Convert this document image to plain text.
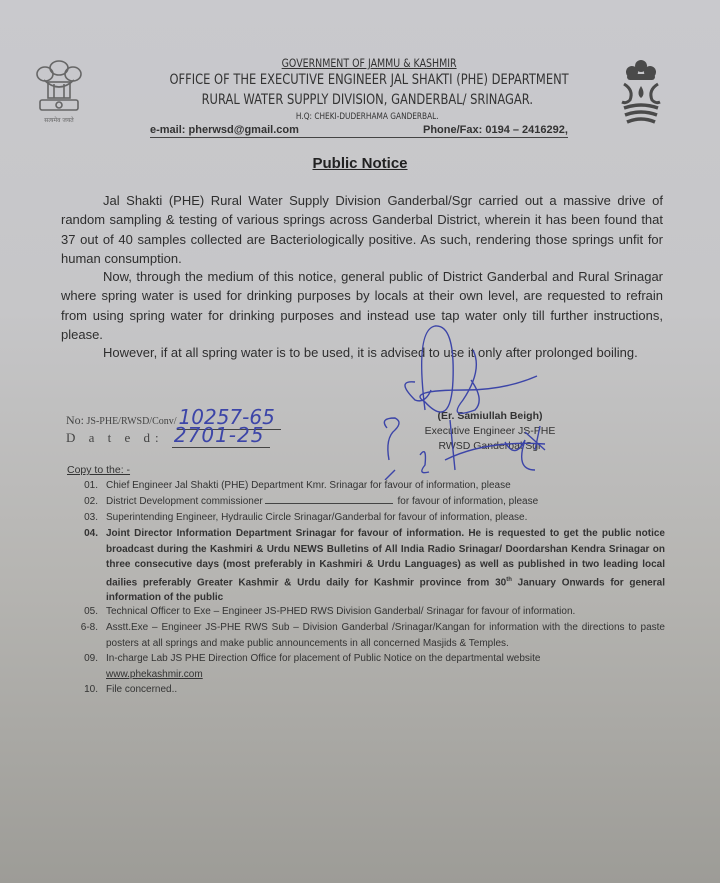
सत्यमेव जयते
GOVERNMENT OF JAMMU & KASHMIR
OFFICE OF THE EXECUTIVE ENGINEER JAL SHAKTI (PHE) DEPARTMENT
RURAL WATER SUPPLY DIVISION, GANDERBAL/ SRINAGAR.
H.Q: CHEKI-DUDERHAMA GANDERBAL.
e-mail: pherwsd@gmail.com	Phone/Fax: 0194 – 2416292,
Public Notice
Jal Shakti (PHE) Rural Water Supply Division Ganderbal/Sgr carried out a massive drive of random sampling & testing of various springs across Ganderbal District, wherein it has been found that 37 out of 40 samples collected are Bacteriologically positive. As such, rendering those springs unfit for human consumption.
Now, through the medium of this notice, general public of District Ganderbal and Rural Srinagar where spring water is used for drinking purposes by locals at their own level, are requested to refrain from using spring water for drinking purposes and instead use tap water only till further instructions, please.
However, if at all spring water is to be used, it is advised to use it only after prolonged boiling.
No: JS-PHE/RWSD/Conv/ 10257-65
D a t e d: 2701-25
(Er. Samiullah Beigh)
Executive Engineer JS-PHE
RWSD Ganderbal/Sgr
Copy to the: -
01. Chief Engineer Jal Shakti (PHE) Department Kmr. Srinagar for favour of information, please
02. District Development commissioner	for favour of information, please
03. Superintending Engineer, Hydraulic Circle Srinagar/Ganderbal for favour of information, please.
04. Joint Director Information Department Srinagar for favour of information. He is requested to get the public notice broadcast during the Kashmiri & Urdu NEWS Bulletins of All India Radio Srinagar/ Doordarshan Kendra Srinagar on three consecutive days (most preferably in Kashmiri & Urdu Languages) as well as published in two leading local dailies preferably Greater Kashmir & Urdu daily for Kashmir province from 30th January Onwards for general information of the public
05. Technical Officer to Exe – Engineer JS-PHED RWS Division Ganderbal/ Srinagar for favour of information.
6-8. Asstt.Exe – Engineer JS-PHE RWS Sub – Division Ganderbal /Srinagar/Kangan for information with the directions to paste posters at all springs and make public announcements in all concerned Masjids & Temples.
09. In-charge Lab JS PHE Direction Office for placement of Public Notice on the departmental website
www.phekashmir.com
10. File concerned..
